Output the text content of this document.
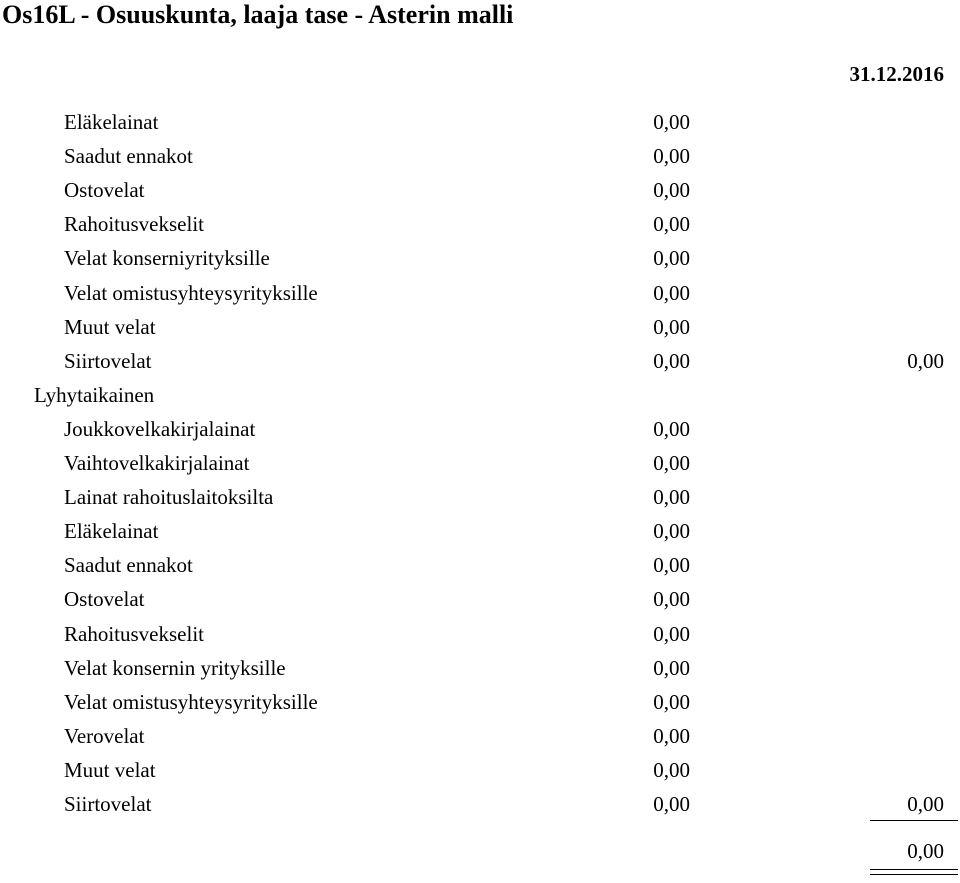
Os16L - Osuuskunta, laaja tase - Asterin malli
31.12.2016
Eläkelainat	0,00
Saadut ennakot	0,00
Ostovelat	0,00
Rahoitusvekselit	0,00
Velat konserniyrityksille	0,00
Velat omistusyhteysyrityksille	0,00
Muut velat	0,00
Siirtovelat	0,00	0,00
Lyhytaikainen
Joukkovelkakirjalainat	0,00
Vaihtovelkakirjalainat	0,00
Lainat rahoituslaitoksilta	0,00
Eläkelainat	0,00
Saadut ennakot	0,00
Ostovelat	0,00
Rahoitusvekselit	0,00
Velat konsernin yrityksille	0,00
Velat omistusyhteysyrityksille	0,00
Verovelat	0,00
Muut velat	0,00
Siirtovelat	0,00	0,00
0,00
